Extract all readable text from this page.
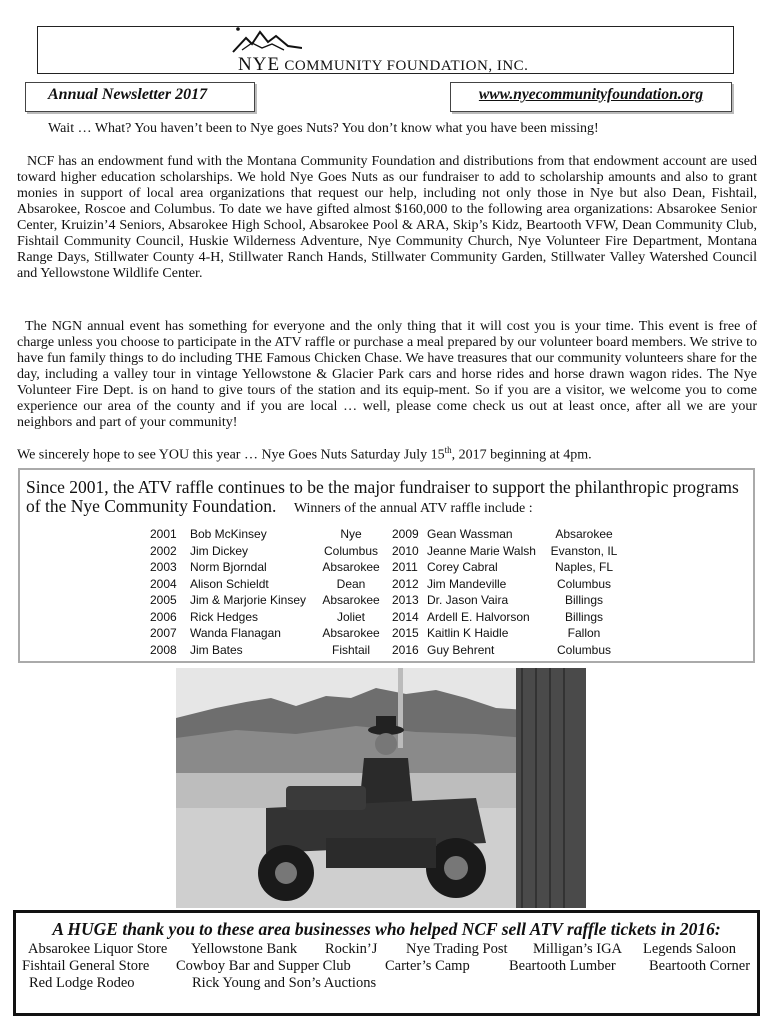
NYE COMMUNITY FOUNDATION, INC.
Annual Newsletter 2017	www.nyecommunityfoundation.org
Wait … What? You haven’t been to Nye goes Nuts? You don’t know what you have been missing!
NCF has an endowment fund with the Montana Community Foundation and distributions from that endowment account are used toward higher education scholarships. We hold Nye Goes Nuts as our fundraiser to add to scholarship amounts and also to grant monies in support of local area organizations that request our help, including not only those in Nye but also Dean, Fishtail, Absarokee, Roscoe and Columbus. To date we have gifted almost $160,000 to the following area organizations: Absarokee Senior Center, Kruizin’4 Seniors, Absarokee High School, Absarokee Pool & ARA, Skip’s Kidz, Beartooth VFW, Dean Community Club, Fishtail Community Council, Huskie Wilderness Adventure, Nye Community Church, Nye Volunteer Fire Department, Montana Range Days, Stillwater County 4-H, Stillwater Ranch Hands, Stillwater Community Garden, Stillwater Valley Watershed Council and Yellowstone Wildlife Center.
The NGN annual event has something for everyone and the only thing that it will cost you is your time. This event is free of charge unless you choose to participate in the ATV raffle or purchase a meal prepared by our volunteer board members. We strive to have fun family things to do including THE Famous Chicken Chase. We have treasures that our community volunteers share for the day, including a valley tour in vintage Yellowstone & Glacier Park cars and horse rides and horse drawn wagon rides. The Nye Volunteer Fire Dept. is on hand to give tours of the station and its equip-ment. So if you are a visitor, we welcome you to come experience our area of the county and if you are local … well, please come check us out at least once, after all we are your neighbors and part of your community!
We sincerely hope to see YOU this year … Nye Goes Nuts Saturday July 15th, 2017 beginning at 4pm.
Since 2001, the ATV raffle continues to be the major fundraiser to support the philanthropic programs of the Nye Community Foundation. Winners of the annual ATV raffle include :
2001	Bob McKinsey	Nye
2002	Jim Dickey	Columbus
2003	Norm Bjorndal	Absarokee
2004	Alison Schieldt	Dean
2005	Jim & Marjorie Kinsey	Absarokee
2006	Rick Hedges	Joliet
2007	Wanda Flanagan	Absarokee
2008	Jim Bates	Fishtail
2009 Gean Wassman	Absarokee
2010 Jeanne Marie Walsh	Evanston, IL
2011 Corey Cabral	Naples, FL
2012 Jim Mandeville	Columbus
2013 Dr. Jason Vaira	Billings
2014 Ardell E. Halvorson	Billings
2015 Kaitlin K Haidle	Fallon
2016 Guy Behrent	Columbus
A HUGE thank you to these area businesses who helped NCF sell ATV raffle tickets in 2016:
Absarokee Liquor Store Yellowstone Bank Rockin’J Nye Trading Post Milligan’s IGA Legends Saloon
Fishtail General Store Cowboy Bar and Supper Club Carter’s Camp	Beartooth Lumber Beartooth Corner
Red Lodge Rodeo	Rick Young and Son’s Auctions
